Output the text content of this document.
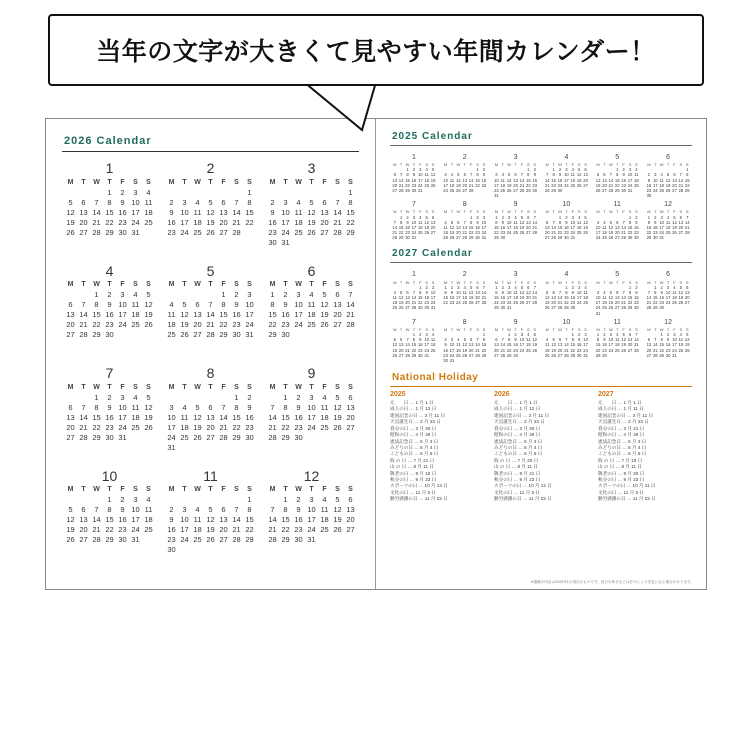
当年の文字が大きくて見やすい年間カレンダー！
2026 Calendar
1
M	T	W	T	F	S	S
			1	2	3	4
5	6	7	8	9	10	11
12	13	14	15	16	17	18
19	20	21	22	23	24	25
26	27	28	29	30	31	
2
M	T	W	T	F	S	S
						1
2	3	4	5	6	7	8
9	10	11	12	13	14	15
16	17	18	19	20	21	22
23	24	25	26	27	28	
3
M	T	W	T	F	S	S
						1
2	3	4	5	6	7	8
9	10	11	12	13	14	15
16	17	18	19	20	21	22
23	24	25	26	27	28	29
30	31					
4
M	T	W	T	F	S	S
		1	2	3	4	5
6	7	8	9	10	11	12
13	14	15	16	17	18	19
20	21	22	23	24	25	26
27	28	29	30			
5
M	T	W	T	F	S	S
				1	2	3
4	5	6	7	8	9	10
11	12	13	14	15	16	17
18	19	20	21	22	23	24
25	26	27	28	29	30	31
6
M	T	W	T	F	S	S
1	2	3	4	5	6	7
8	9	10	11	12	13	14
15	16	17	18	19	20	21
22	23	24	25	26	27	28
29	30					
7
M	T	W	T	F	S	S
		1	2	3	4	5
6	7	8	9	10	11	12
13	14	15	16	17	18	19
20	21	22	23	24	25	26
27	28	29	30	31		
8
M	T	W	T	F	S	S
					1	2
3	4	5	6	7	8	9
10	11	12	13	14	15	16
17	18	19	20	21	22	23
24	25	26	27	28	29	30
31						
9
M	T	W	T	F	S	S
	1	2	3	4	5	6
7	8	9	10	11	12	13
14	15	16	17	18	19	20
21	22	23	24	25	26	27
28	29	30				
10
M	T	W	T	F	S	S
			1	2	3	4
5	6	7	8	9	10	11
12	13	14	15	16	17	18
19	20	21	22	23	24	25
26	27	28	29	30	31	
11
M	T	W	T	F	S	S
						1
2	3	4	5	6	7	8
9	10	11	12	13	14	15
16	17	18	19	20	21	22
23	24	25	26	27	28	29
30						
12
M	T	W	T	F	S	S
	1	2	3	4	5	6
7	8	9	10	11	12	13
14	15	16	17	18	19	20
21	22	23	24	25	26	27
28	29	30	31			
2025 Calendar
1
M	T	W	T	F	S	S
		1	2	3	4	5
6	7	8	9	10	11	12
13	14	15	16	17	18	19
20	21	22	23	24	25	26
27	28	29	30	31		
2
M	T	W	T	F	S	S
					1	2
3	4	5	6	7	8	9
10	11	12	13	14	15	16
17	18	19	20	21	22	23
24	25	26	27	28		
3
M	T	W	T	F	S	S
					1	2
3	4	5	6	7	8	9
10	11	12	13	14	15	16
17	18	19	20	21	22	23
24	25	26	27	28	29	30
31						
4
M	T	W	T	F	S	S
	1	2	3	4	5	6
7	8	9	10	11	12	13
14	15	16	17	18	19	20
21	22	23	24	25	26	27
28	29	30				
5
M	T	W	T	F	S	S
			1	2	3	4
5	6	7	8	9	10	11
12	13	14	15	16	17	18
19	20	21	22	23	24	25
26	27	28	29	30	31	
6
M	T	W	T	F	S	S
						1
2	3	4	5	6	7	8
9	10	11	12	13	14	15
16	17	18	19	20	21	22
23	24	25	26	27	28	29
30						
7
M	T	W	T	F	S	S
	1	2	3	4	5	6
7	8	9	10	11	12	13
14	15	16	17	18	19	20
21	22	23	24	25	26	27
28	29	30	31			
8
M	T	W	T	F	S	S
				1	2	3
4	5	6	7	8	9	10
11	12	13	14	15	16	17
18	19	20	21	22	23	24
25	26	27	28	29	30	31
9
M	T	W	T	F	S	S
1	2	3	4	5	6	7
8	9	10	11	12	13	14
15	16	17	18	19	20	21
22	23	24	25	26	27	28
29	30					
10
M	T	W	T	F	S	S
		1	2	3	4	5
6	7	8	9	10	11	12
13	14	15	16	17	18	19
20	21	22	23	24	25	26
27	28	29	30	31		
11
M	T	W	T	F	S	S
					1	2
3	4	5	6	7	8	9
10	11	12	13	14	15	16
17	18	19	20	21	22	23
24	25	26	27	28	29	30
12
M	T	W	T	F	S	S
1	2	3	4	5	6	7
8	9	10	11	12	13	14
15	16	17	18	19	20	21
22	23	24	25	26	27	28
29	30	31				
2027 Calendar
1
M	T	W	T	F	S	S
				1	2	3
4	5	6	7	8	9	10
11	12	13	14	15	16	17
18	19	20	21	22	23	24
25	26	27	28	29	30	31
2
M	T	W	T	F	S	S
1	2	3	4	5	6	7
8	9	10	11	12	13	14
15	16	17	18	19	20	21
22	23	24	25	26	27	28
3
M	T	W	T	F	S	S
1	2	3	4	5	6	7
8	9	10	11	12	13	14
15	16	17	18	19	20	21
22	23	24	25	26	27	28
29	30	31				
4
M	T	W	T	F	S	S
			1	2	3	4
5	6	7	8	9	10	11
12	13	14	15	16	17	18
19	20	21	22	23	24	25
26	27	28	29	30		
5
M	T	W	T	F	S	S
					1	2
3	4	5	6	7	8	9
10	11	12	13	14	15	16
17	18	19	20	21	22	23
24	25	26	27	28	29	30
31						
6
M	T	W	T	F	S	S
	1	2	3	4	5	6
7	8	9	10	11	12	13
14	15	16	17	18	19	20
21	22	23	24	25	26	27
28	29	30				
7
M	T	W	T	F	S	S
			1	2	3	4
5	6	7	8	9	10	11
12	13	14	15	16	17	18
19	20	21	22	23	24	25
26	27	28	29	30	31	
8
M	T	W	T	F	S	S
						1
2	3	4	5	6	7	8
9	10	11	12	13	14	15
16	17	18	19	20	21	22
23	24	25	26	27	28	29
30	31					
9
M	T	W	T	F	S	S
		1	2	3	4	5
6	7	8	9	10	11	12
13	14	15	16	17	18	19
20	21	22	23	24	25	26
27	28	29	30			
10
M	T	W	T	F	S	S
				1	2	3
4	5	6	7	8	9	10
11	12	13	14	15	16	17
18	19	20	21	22	23	24
25	26	27	28	29	30	31
11
M	T	W	T	F	S	S
1	2	3	4	5	6	7
8	9	10	11	12	13	14
15	16	17	18	19	20	21
22	23	24	25	26	27	28
29	30					
12
M	T	W	T	F	S	S
		1	2	3	4	5
6	7	8	9	10	11	12
13	14	15	16	17	18	19
20	21	22	23	24	25	26
27	28	29	30	31		
National Holiday
2025
元　　日 … 1 月 1 日
成人の日 … 1 月 13 日
建国記念の日 … 2 月 11 日
天皇誕生日 … 2 月 23 日
春分の日 … 3 月 20 日
昭和の日 … 4 月 29 日
憲法記念日 … 5 月 3 日
みどりの日 … 5 月 4 日
こどもの日 … 5 月 5 日
海 の 日 … 7 月 21 日
山 の 日 … 8 月 11 日
敬老の日 … 9 月 15 日
秋分の日 … 9 月 23 日
スポーツの日 … 10 月 13 日
文化の日 … 11 月 3 日
勤労感謝の日 … 11 月 23 日
2026
元　　日 … 1 月 1 日
成人の日 … 1 月 12 日
建国記念の日 … 2 月 11 日
天皇誕生日 … 2 月 23 日
春分の日 … 3 月 20 日
昭和の日 … 4 月 29 日
憲法記念日 … 5 月 3 日
みどりの日 … 5 月 4 日
こどもの日 … 5 月 5 日
海 の 日 … 7 月 20 日
山 の 日 … 8 月 11 日
敬老の日 … 9 月 21 日
秋分の日 … 9 月 23 日
スポーツの日 … 10 月 12 日
文化の日 … 11 月 3 日
勤労感謝の日 … 11 月 23 日
2027
元　　日 … 1 月 1 日
成人の日 … 1 月 11 日
建国記念の日 … 2 月 11 日
天皇誕生日 … 2 月 23 日
春分の日 … 3 月 21 日
昭和の日 … 4 月 29 日
憲法記念日 … 5 月 3 日
みどりの日 … 5 月 4 日
こどもの日 … 5 月 5 日
海 の 日 … 7 月 19 日
山 の 日 … 8 月 11 日
敬老の日 … 9 月 20 日
秋分の日 … 9 月 23 日
スポーツの日 … 10 月 11 日
文化の日 … 11 月 3 日
勤労感謝の日 … 11 月 23 日
※掲載の内容は2025年1月現在のものです。祝日や休日などは法令により変更になる場合があります。
